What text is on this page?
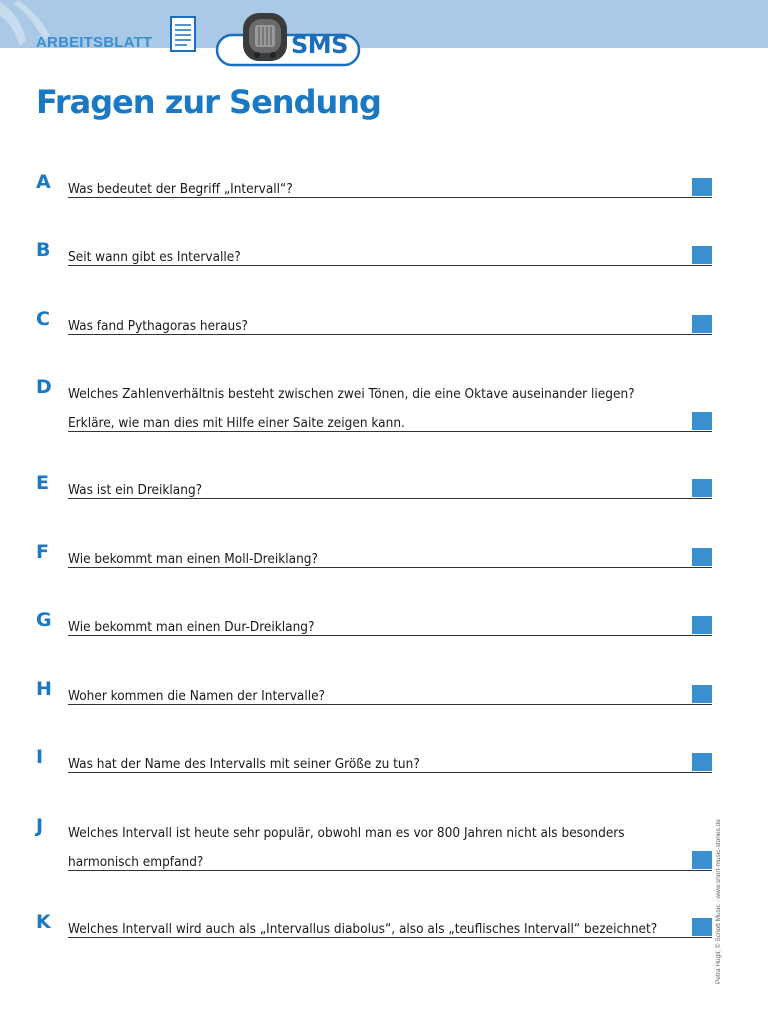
ARBEITSBLATT	SMS
Fragen zur Sendung
A Was bedeutet der Begriff „Intervall“?
B Seit wann gibt es Intervalle?
C Was fand Pythagoras heraus?
D Welches Zahlenverhältnis besteht zwischen zwei Tönen, die eine Oktave auseinander liegen?
Erkläre, wie man dies mit Hilfe einer Saite zeigen kann.
E Was ist ein Dreiklang?
F Wie bekommt man einen Moll-Dreiklang?
G Wie bekommt man einen Dur-Dreiklang?
H Woher kommen die Namen der Intervalle?
I Was hat der Name des Intervalls mit seiner Größe zu tun?
J Welches Intervall ist heute sehr populär, obwohl man es vor 800 Jahren nicht als besonders
harmonisch empfand?
K Welches Intervall wird auch als „Intervallus diabolus“, also als „teuflisches Intervall“ bezeichnet?	Petra Hügli; © Schott Music · www.short-music-stories.de
